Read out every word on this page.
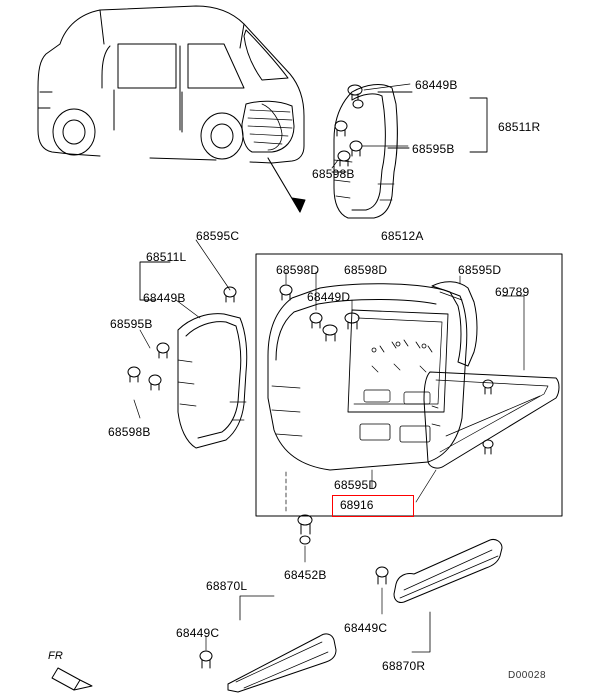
68449B
68511R
68595B
68598B
68512A
68595C
68511L
68598D 68598D	68595D
68449B	68449D	69789
68595B
68598B
68595D
68452B
68870L
68449C	68449C
68870R
68916
FR
D00028
